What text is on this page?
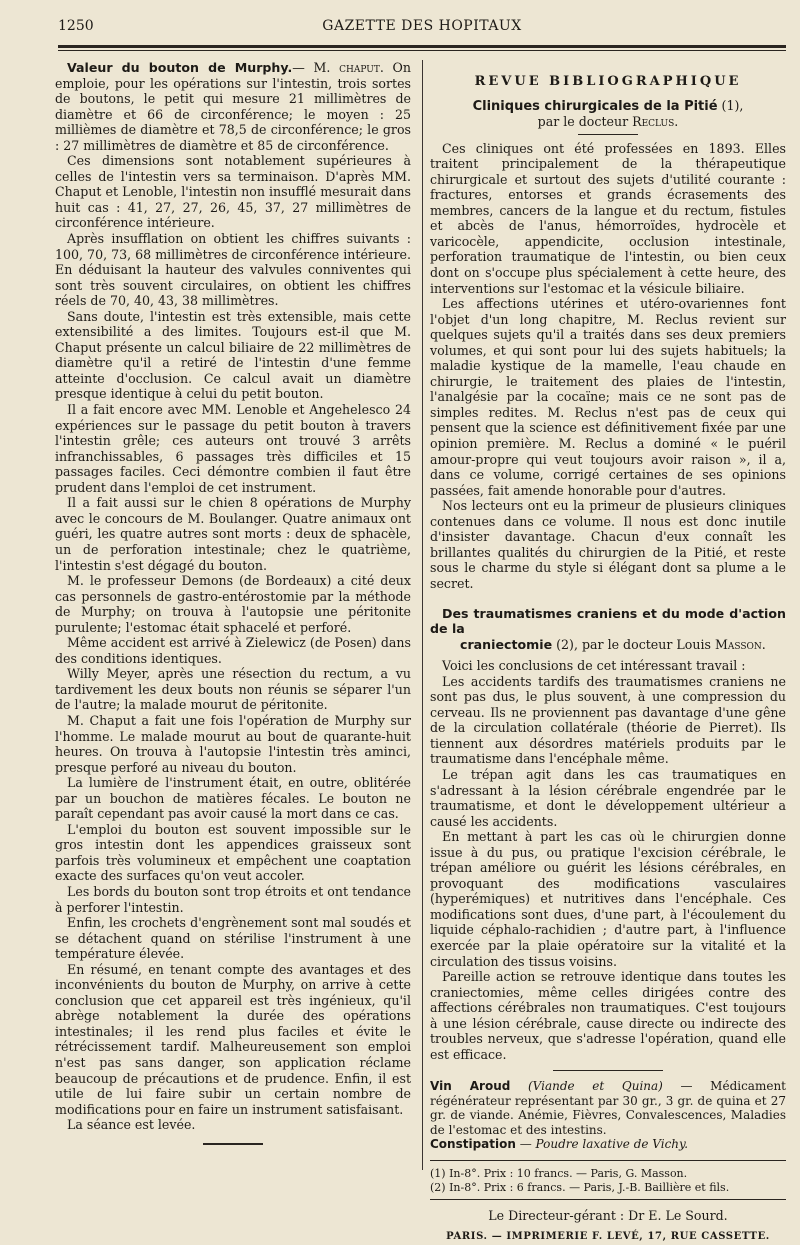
1250	GAZETTE DES HOPITAUX

Valeur du bouton de Murphy.— M. chaput. On emploie, pour les opérations sur l'intestin, trois sortes de boutons, le petit qui mesure 21 millimètres de diamètre et 66 de circonférence; le moyen : 25 millièmes de diamètre et 78,5 de circonférence; le gros : 27 millimètres de diamètre et 85 de circonférence.

Ces dimensions sont notablement supérieures à celles de l'intestin vers sa terminaison. D'après MM. Chaput et Lenoble, l'intestin non insufflé mesurait dans huit cas : 41, 27, 27, 26, 45, 37, 27 millimètres de circonférence intérieure.

Après insufflation on obtient les chiffres suivants : 100, 70, 73, 68 millimètres de circonférence intérieure. En déduisant la hauteur des valvules conniventes qui sont très souvent circulaires, on obtient les chiffres réels de 70, 40, 43, 38 millimètres.

Sans doute, l'intestin est très extensible, mais cette extensibilité a des limites. Toujours est-il que M. Chaput présente un calcul biliaire de 22 millimètres de diamètre qu'il a retiré de l'intestin d'une femme atteinte d'occlusion. Ce calcul avait un diamètre presque identique à celui du petit bouton.

Il a fait encore avec MM. Lenoble et Angehelesco 24 expériences sur le passage du petit bouton à travers l'intestin grêle; ces auteurs ont trouvé 3 arrêts infranchissables, 6 passages très difficiles et 15 passages faciles. Ceci démontre combien il faut être prudent dans l'emploi de cet instrument.

Il a fait aussi sur le chien 8 opérations de Murphy avec le concours de M. Boulanger. Quatre animaux ont guéri, les quatre autres sont morts : deux de sphacèle, un de perforation intestinale; chez le quatrième, l'intestin s'est dégagé du bouton.

M. le professeur Demons (de Bordeaux) a cité deux cas personnels de gastro-entérostomie par la méthode de Murphy; on trouva à l'autopsie une péritonite purulente; l'estomac était sphacelé et perforé.

Même accident est arrivé à Zielewicz (de Posen) dans des conditions identiques.

Willy Meyer, après une résection du rectum, a vu tardivement les deux bouts non réunis se séparer l'un de l'autre; la malade mourut de péritonite.

M. Chaput a fait une fois l'opération de Murphy sur l'homme. Le malade mourut au bout de quarante-huit heures. On trouva à l'autopsie l'intestin très aminci, presque perforé au niveau du bouton.

La lumière de l'instrument était, en outre, oblitérée par un bouchon de matières fécales. Le bouton ne paraît cependant pas avoir causé la mort dans ce cas.

L'emploi du bouton est souvent impossible sur le gros intestin dont les appendices graisseux sont parfois très volumineux et empêchent une coaptation exacte des surfaces qu'on veut accoler.

Les bords du bouton sont trop étroits et ont tendance à perforer l'intestin.

Enfin, les crochets d'engrènement sont mal soudés et se détachent quand on stérilise l'instrument à une température élevée.

En résumé, en tenant compte des avantages et des inconvénients du bouton de Murphy, on arrive à cette conclusion que cet appareil est très ingénieux, qu'il abrège notablement la durée des opérations intestinales; il les rend plus faciles et évite le rétrécissement tardif. Malheureusement son emploi n'est pas sans danger, son application réclame beaucoup de précautions et de prudence. Enfin, il est utile de lui faire subir un certain nombre de modifications pour en faire un instrument satisfaisant.

La séance est levée.

REVUE BIBLIOGRAPHIQUE
Cliniques chirurgicales de la Pitié (1),
par le docteur Reclus.

Ces cliniques ont été professées en 1893. Elles traitent principalement de la thérapeutique chirurgicale et surtout des sujets d'utilité courante : fractures, entorses et grands écrasements des membres, cancers de la langue et du rectum, fistules et abcès de l'anus, hémorroïdes, hydrocèle et varicocèle, appendicite, occlusion intestinale, perforation traumatique de l'intestin, ou bien ceux dont on s'occupe plus spécialement à cette heure, des interventions sur l'estomac et la vésicule biliaire.

Les affections utérines et utéro-ovariennes font l'objet d'un long chapitre, M. Reclus revient sur quelques sujets qu'il a traités dans ses deux premiers volumes, et qui sont pour lui des sujets habituels; la maladie kystique de la mamelle, l'eau chaude en chirurgie, le traitement des plaies de l'intestin, l'analgésie par la cocaïne; mais ce ne sont pas de simples redites. M. Reclus n'est pas de ceux qui pensent que la science est définitivement fixée par une opinion première. M. Reclus a dominé « le puéril amour-propre qui veut toujours avoir raison », il a, dans ce volume, corrigé certaines de ses opinions passées, fait amende honorable pour d'autres.

Nos lecteurs ont eu la primeur de plusieurs cliniques contenues dans ce volume. Il nous est donc inutile d'insister davantage. Chacun d'eux connaît les brillantes qualités du chirurgien de la Pitié, et reste sous le charme du style si élégant dont sa plume a le secret.

Des traumatismes craniens et du mode d'action de la
craniectomie (2), par le docteur Louis Masson.

Voici les conclusions de cet intéressant travail :

Les accidents tardifs des traumatismes craniens ne sont pas dus, le plus souvent, à une compression du cerveau. Ils ne proviennent pas davantage d'une gêne de la circulation collatérale (théorie de Pierret). Ils tiennent aux désordres matériels produits par le traumatisme dans l'encéphale même.

Le trépan agit dans les cas traumatiques en s'adressant à la lésion cérébrale engendrée par le traumatisme, et dont le développement ultérieur a causé les accidents.

En mettant à part les cas où le chirurgien donne issue à du pus, ou pratique l'excision cérébrale, le trépan améliore ou guérit les lésions cérébrales, en provoquant des modifications vasculaires (hyperémiques) et nutritives dans l'encéphale. Ces modifications sont dues, d'une part, à l'écoulement du liquide céphalo-rachidien ; d'autre part, à l'influence exercée par la plaie opératoire sur la vitalité et la circulation des tissus voisins.

Pareille action se retrouve identique dans toutes les craniectomies, même celles dirigées contre des affections cérébrales non traumatiques. C'est toujours à une lésion cérébrale, cause directe ou indirecte des troubles nerveux, que s'adresse l'opération, quand elle est efficace.

Vin Aroud (Viande et Quina) — Médicament régénérateur représentant par 30 gr., 3 gr. de quina et 27 gr. de viande. Anémie, Fièvres, Convalescences, Maladies de l'estomac et des intestins.
Constipation — Poudre laxative de Vichy.
(1) In-8°. Prix : 10 francs. — Paris, G. Masson.
(2) In-8°. Prix : 6 francs. — Paris, J.-B. Baillière et fils.
Le Directeur-gérant : Dr E. Le Sourd.
PARIS. — IMPRIMERIE F. LEVÉ, 17, RUE CASSETTE.
